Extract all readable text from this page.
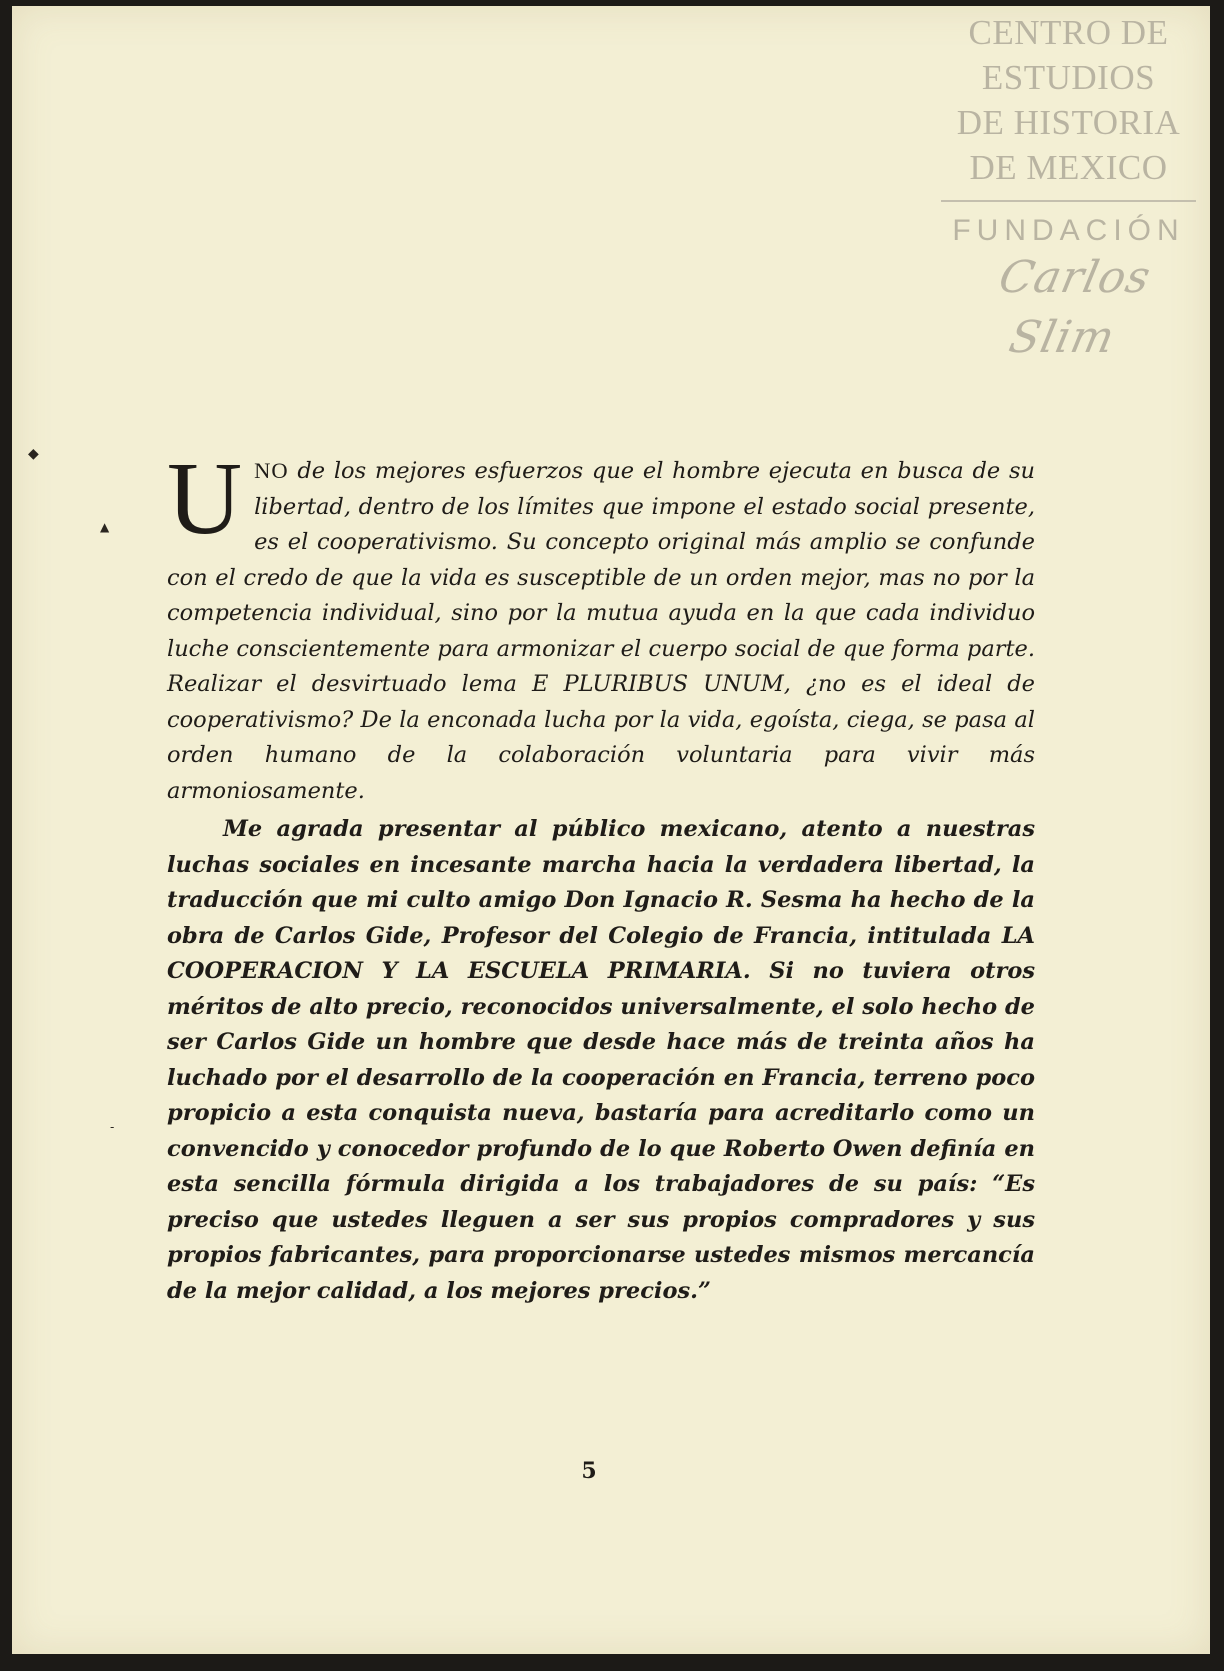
CENTRO DE
ESTUDIOS
DE HISTORIA
DE MEXICO
FUNDACIÓN
Carlos Slim
◆
▲
-

UNO de los mejores esfuerzos que el hombre ejecuta en busca de su libertad, dentro de los límites que impone el estado social presente, es el cooperativismo. Su concepto original más amplio se confunde con el credo de que la vida es susceptible de un orden mejor, mas no por la competencia individual, sino por la mutua ayuda en la que cada individuo luche conscientemente para armonizar el cuerpo social de que forma parte. Realizar el desvirtuado lema E PLURIBUS UNUM, ¿no es el ideal de cooperativismo? De la enconada lucha por la vida, egoísta, ciega, se pasa al orden humano de la colaboración voluntaria para vivir más armoniosamente.

Me agrada presentar al público mexicano, atento a nuestras luchas sociales en incesante marcha hacia la verdadera libertad, la traducción que mi culto amigo Don Ignacio R. Sesma ha hecho de la obra de Carlos Gide, Profesor del Colegio de Francia, intitulada LA COOPERACION Y LA ESCUELA PRIMARIA. Si no tuviera otros méritos de alto precio, reconocidos universalmente, el solo hecho de ser Carlos Gide un hombre que desde hace más de treinta años ha luchado por el desarrollo de la cooperación en Francia, terreno poco propicio a esta conquista nueva, bastaría para acreditarlo como un convencido y conocedor profundo de lo que Roberto Owen definía en esta sencilla fórmula dirigida a los trabajadores de su país: “Es preciso que ustedes lleguen a ser sus propios compradores y sus propios fabricantes, para proporcionarse ustedes mismos mercancía de la mejor calidad, a los mejores precios.”

5
